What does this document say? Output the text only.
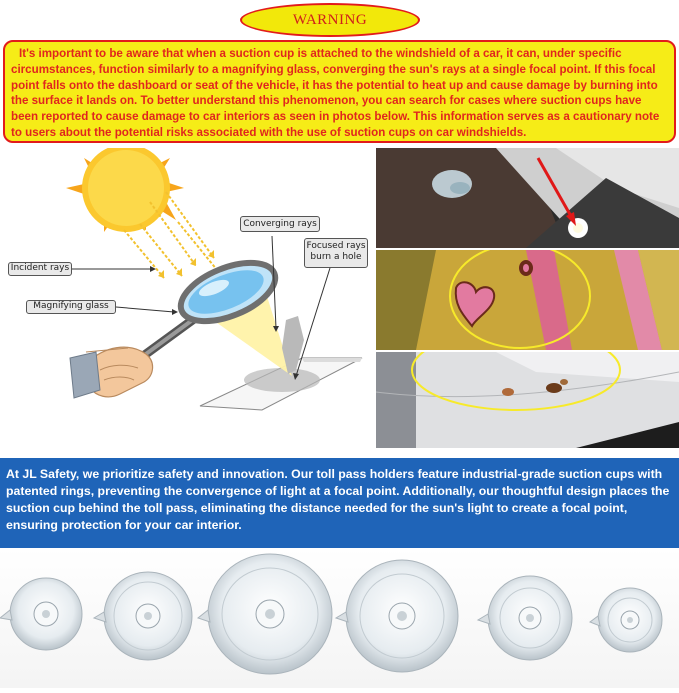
WARNING

It's important to be aware that when a suction cup is attached to the windshield of a car, it can, under specific circumstances, function similarly to a magnifying glass, converging the sun's rays at a single focal point. If this focal point falls onto the dashboard or seat of the vehicle, it has the potential to heat up and cause damage by burning into the surface it lands on. To better understand this phenomenon, you can search for cases where suction cups have been reported to cause damage to car interiors as seen in photos below. This information serves as a cautionary note to users about the potential risks associated with the use of suction cups on car windshields.

Incident rays
Magnifying glass
Converging rays
Focused rays
burn a hole

At JL Safety, we prioritize safety and innovation. Our toll pass holders feature industrial-grade suction cups with patented rings, preventing the convergence of light at a focal point. Additionally, our thoughtful design places the suction cup behind the toll pass, eliminating the distance needed for the sun's light to create a focal point, ensuring protection for your car interior.
